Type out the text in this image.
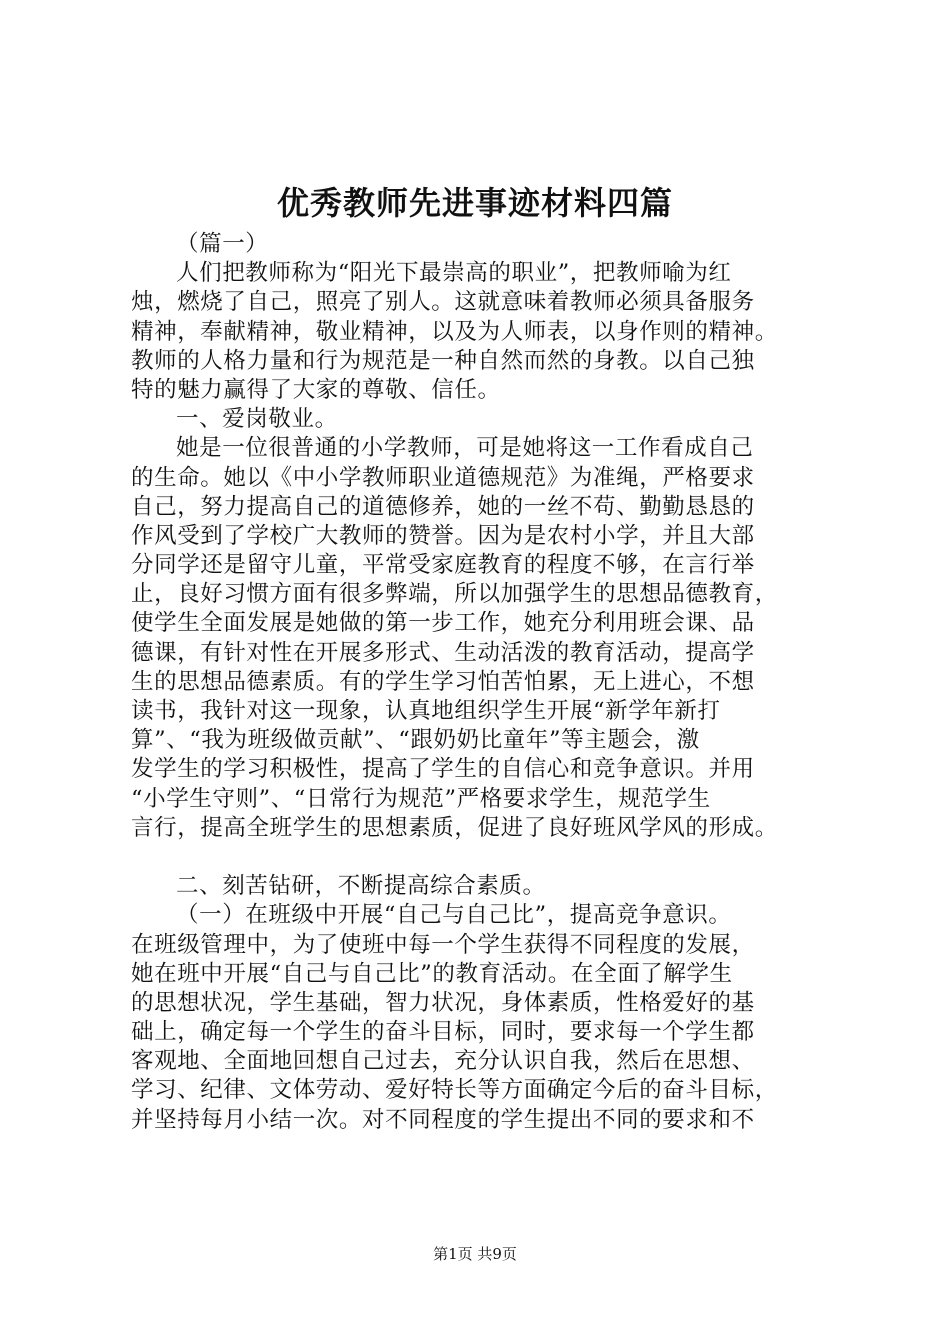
优秀教师先进事迹材料四篇
（篇一）
人们把教师称为“阳光下最崇高的职业”，把教师喻为红
烛，燃烧了自己，照亮了别人。这就意味着教师必须具备服务
精神，奉献精神，敬业精神，以及为人师表，以身作则的精神。
教师的人格力量和行为规范是一种自然而然的身教。以自己独
特的魅力赢得了大家的尊敬、信任。
一、爱岗敬业。
她是一位很普通的小学教师，可是她将这一工作看成自己
的生命。她以《中小学教师职业道德规范》为准绳，严格要求
自己，努力提高自己的道德修养，她的一丝不苟、勤勤恳恳的
作风受到了学校广大教师的赞誉。因为是农村小学，并且大部
分同学还是留守儿童，平常受家庭教育的程度不够，在言行举
止，良好习惯方面有很多弊端，所以加强学生的思想品德教育，
使学生全面发展是她做的第一步工作，她充分利用班会课、品
德课，有针对性在开展多形式、生动活泼的教育活动，提高学
生的思想品德素质。有的学生学习怕苦怕累，无上进心，不想
读书，我针对这一现象，认真地组织学生开展“新学年新打
算”、“我为班级做贡献”、“跟奶奶比童年”等主题会，激
发学生的学习积极性，提高了学生的自信心和竞争意识。并用
“小学生守则”、“日常行为规范”严格要求学生，规范学生
言行，提高全班学生的思想素质，促进了良好班风学风的形成。
二、刻苦钻研，不断提高综合素质。
（一）在班级中开展“自己与自己比”，提高竞争意识。
在班级管理中，为了使班中每一个学生获得不同程度的发展，
她在班中开展“自己与自己比”的教育活动。在全面了解学生
的思想状况，学生基础，智力状况，身体素质，性格爱好的基
础上，确定每一个学生的奋斗目标，同时，要求每一个学生都
客观地、全面地回想自己过去，充分认识自我，然后在思想、
学习、纪律、文体劳动、爱好特长等方面确定今后的奋斗目标，
并坚持每月小结一次。对不同程度的学生提出不同的要求和不
第1页 共9页
